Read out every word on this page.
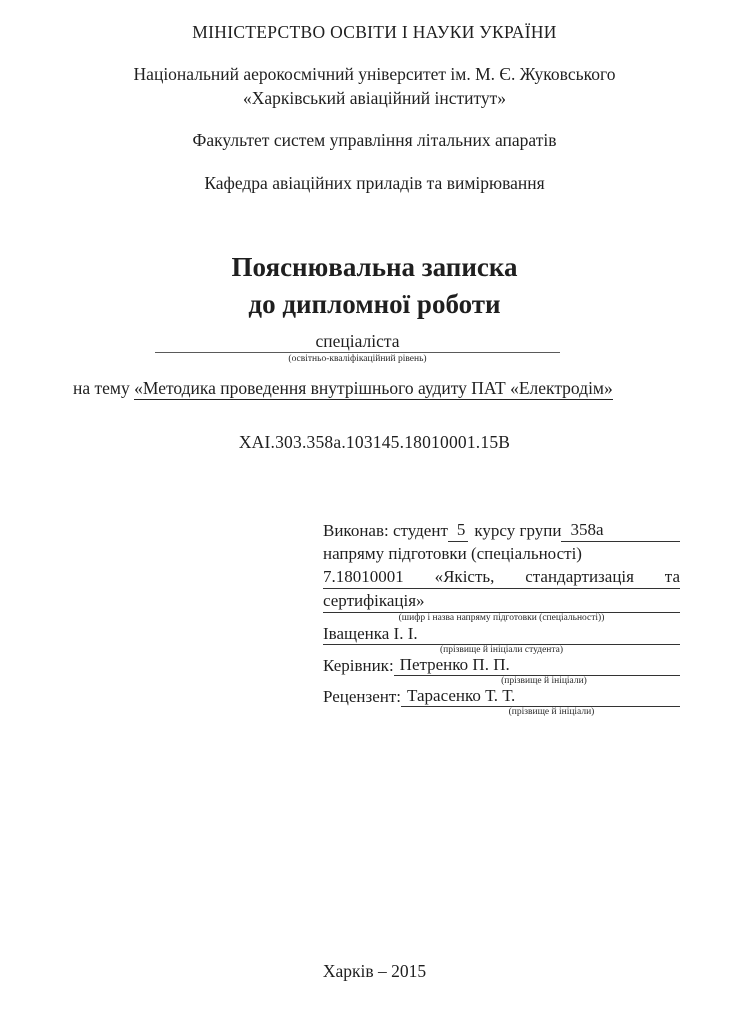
МІНІСТЕРСТВО ОСВІТИ І НАУКИ УКРАЇНИ
Національний аерокосмічний університет ім. М. Є. Жуковського
«Харківський авіаційний інститут»
Факультет систем управління літальних апаратів
Кафедра авіаційних приладів та вимірювання
Пояснювальна записка
до дипломної роботи
спеціаліста
(освітньо-кваліфікаційний рівень)
на тему «Методика проведення внутрішнього аудиту ПАТ «Електродім»
ХАІ.303.358а.103145.18010001.15В
Виконав: студент 5 курсу групи 358а
напряму підготовки (спеціальності)
7.18010001 «Якість, стандартизація та
сертифікація»
(шифр і назва напряму підготовки (спеціальності))
Іващенка І. І.
(прізвище й ініціали студента)
Керівник: Петренко П. П.
(прізвище й ініціали)
Рецензент: Тарасенко Т. Т.
(прізвище й ініціали)
Харків – 2015
